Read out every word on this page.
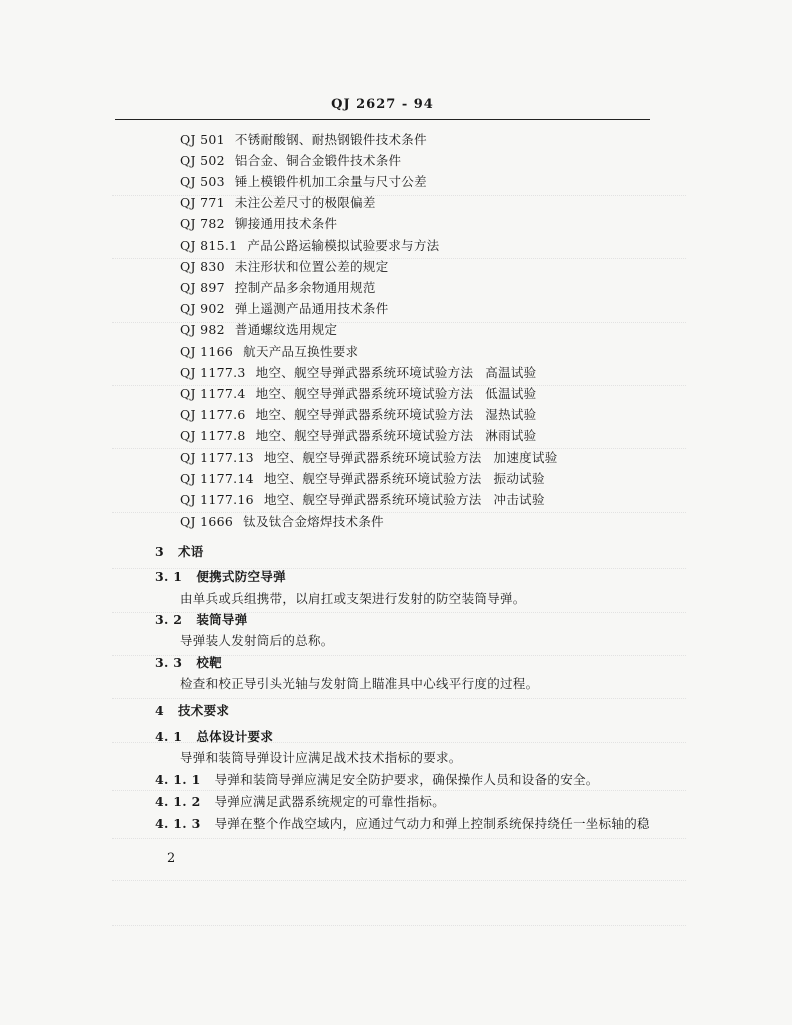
QJ 2627 - 94
QJ 501 不锈耐酸钢、耐热钢锻件技术条件
QJ 502 铝合金、铜合金锻件技术条件
QJ 503 锤上模锻件机加工余量与尺寸公差
QJ 771 未注公差尺寸的极限偏差
QJ 782 铆接通用技术条件
QJ 815.1 产品公路运输模拟试验要求与方法
QJ 830 未注形状和位置公差的规定
QJ 897 控制产品多余物通用规范
QJ 902 弹上遥测产品通用技术条件
QJ 982 普通螺纹选用规定
QJ 1166 航天产品互换性要求
QJ 1177.3 地空、舰空导弹武器系统环境试验方法 高温试验
QJ 1177.4 地空、舰空导弹武器系统环境试验方法 低温试验
QJ 1177.6 地空、舰空导弹武器系统环境试验方法 湿热试验
QJ 1177.8 地空、舰空导弹武器系统环境试验方法 淋雨试验
QJ 1177.13 地空、舰空导弹武器系统环境试验方法 加速度试验
QJ 1177.14 地空、舰空导弹武器系统环境试验方法 振动试验
QJ 1177.16 地空、舰空导弹武器系统环境试验方法 冲击试验
QJ 1666 钛及钛合金熔焊技术条件
3 术语
3. 1 便携式防空导弹
由单兵或兵组携带，以肩扛或支架进行发射的防空装筒导弹。
3. 2 装筒导弹
导弹装人发射筒后的总称。
3. 3 校靶
检查和校正导引头光轴与发射筒上瞄准具中心线平行度的过程。
4 技术要求
4. 1 总体设计要求
导弹和装筒导弹设计应满足战术技术指标的要求。
4. 1. 1 导弹和装筒导弹应满足安全防护要求，确保操作人员和设备的安全。
4. 1. 2 导弹应满足武器系统规定的可靠性指标。
4. 1. 3 导弹在整个作战空域内，应通过气动力和弹上控制系统保持绕任一坐标轴的稳
2
